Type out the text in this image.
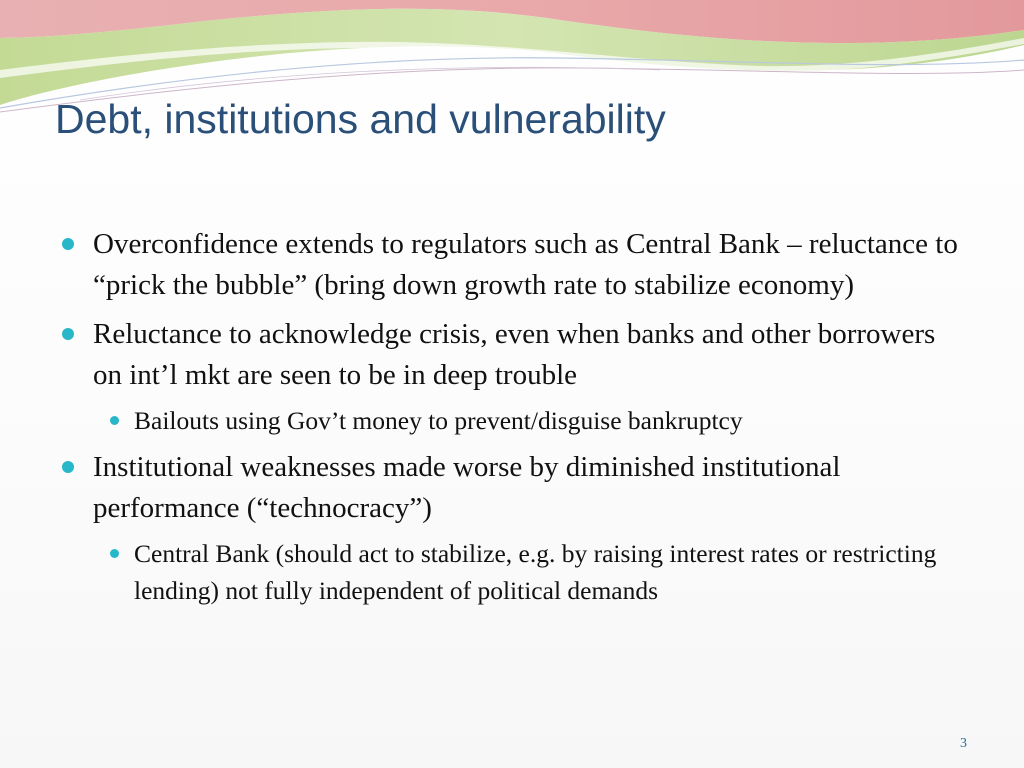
Debt, institutions and vulnerability
Overconfidence extends to regulators such as Central Bank – reluctance to “prick the bubble” (bring down growth rate to stabilize economy)
Reluctance to acknowledge crisis, even when banks and other borrowers on int’l mkt are seen to be in deep trouble
Bailouts using Gov’t money to prevent/disguise bankruptcy
Institutional weaknesses made worse by diminished institutional performance (“technocracy”)
Central Bank (should act to stabilize, e.g. by raising interest rates or restricting lending) not fully independent of political demands
3
